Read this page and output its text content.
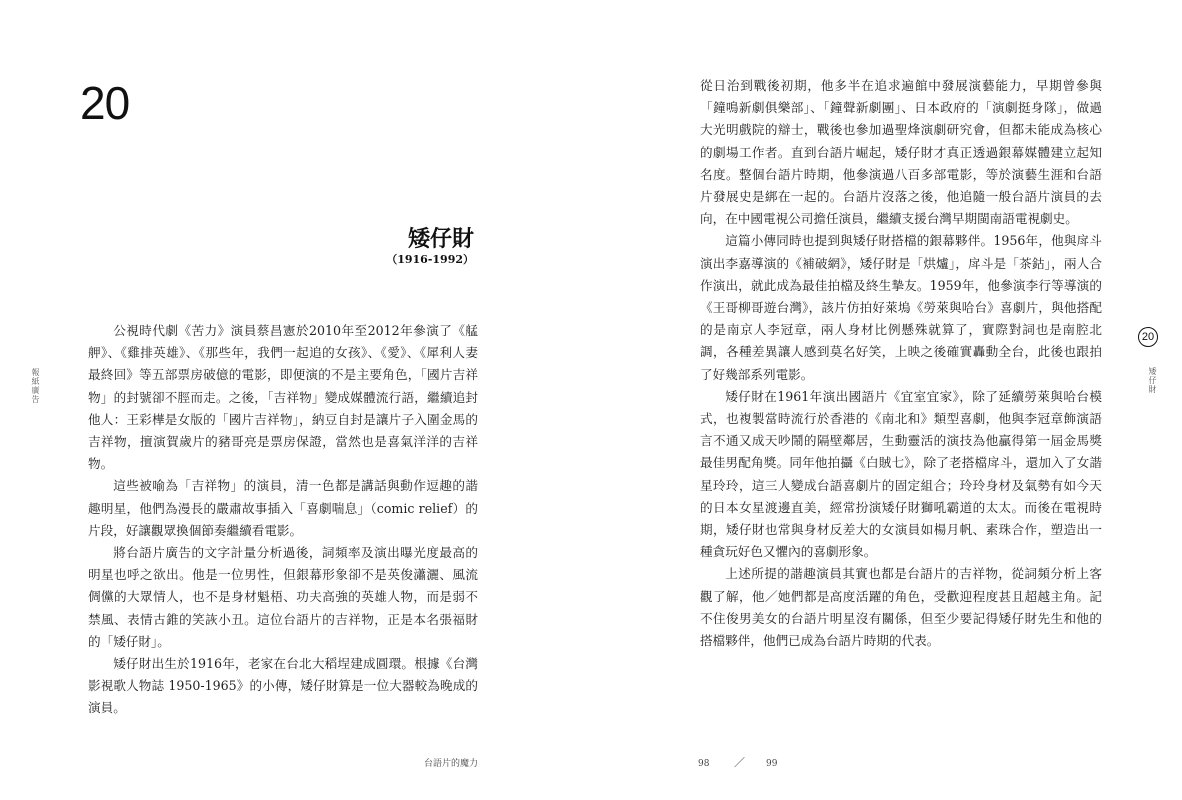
20
矮仔財
（1916-1992）
報紙廣告

公視時代劇《苦力》演員蔡昌憲於2010年至2012年參演了《艋舺》、《雞排英雄》、《那些年，我們一起追的女孩》、《愛》、《犀利人妻最終回》等五部票房破億的電影，即便演的不是主要角色，「國片吉祥物」的封號卻不脛而走。之後，「吉祥物」變成媒體流行語，繼續追封他人：王彩樺是女版的「國片吉祥物」，納豆自封是讓片子入圍金馬的吉祥物，擅演賀歲片的豬哥亮是票房保證，當然也是喜氣洋洋的吉祥物。

這些被喻為「吉祥物」的演員，清一色都是講話與動作逗趣的諧趣明星，他們為漫長的嚴肅故事插入「喜劇喘息」（comic relief）的片段，好讓觀眾換個節奏繼續看電影。

將台語片廣告的文字計量分析過後，詞頻率及演出曝光度最高的明星也呼之欲出。他是一位男性，但銀幕形象卻不是英俊瀟灑、風流倜儻的大眾情人，也不是身材魁梧、功夫高強的英雄人物，而是弱不禁風、表情古錐的笑詼小丑。這位台語片的吉祥物，正是本名張福財的「矮仔財」。

矮仔財出生於1916年，老家在台北大稻埕建成圓環。根據《台灣影視歌人物誌 1950-1965》的小傳，矮仔財算是一位大器較為晚成的演員。

從日治到戰後初期，他多半在追求遍館中發展演藝能力，早期曾參與「鐘鳴新劇俱樂部」、「鐘聲新劇團」、日本政府的「演劇挺身隊」，做過大光明戲院的辯士，戰後也參加過聖烽演劇研究會，但都未能成為核心的劇場工作者。直到台語片崛起，矮仔財才真正透過銀幕媒體建立起知名度。整個台語片時期，他參演過八百多部電影，等於演藝生涯和台語片發展史是綁在一起的。台語片沒落之後，他追隨一般台語片演員的去向，在中國電視公司擔任演員，繼續支援台灣早期閩南語電視劇史。

這篇小傳同時也提到與矮仔財搭檔的銀幕夥伴。1956年，他與戽斗演出李嘉導演的《補破網》，矮仔財是「烘爐」，戽斗是「茶鈷」，兩人合作演出，就此成為最佳拍檔及終生摯友。1959年，他參演李行等導演的《王哥柳哥遊台灣》，該片仿拍好萊塢《勞萊與哈台》喜劇片，與他搭配的是南京人李冠章，兩人身材比例懸殊就算了，實際對詞也是南腔北調，各種差異讓人感到莫名好笑，上映之後確實轟動全台，此後也跟拍了好幾部系列電影。

矮仔財在1961年演出國語片《宜室宜家》，除了延續勞萊與哈台模式，也複製當時流行於香港的《南北和》類型喜劇，他與李冠章飾演語言不通又成天吵鬧的隔壁鄰居，生動靈活的演技為他贏得第一屆金馬獎最佳男配角獎。同年他拍攝《白賊七》，除了老搭檔戽斗，還加入了女諧星玲玲，這三人變成台語喜劇片的固定組合；玲玲身材及氣勢有如今天的日本女星渡邊直美，經常扮演矮仔財獅吼霸道的太太。而後在電視時期，矮仔財也常與身材反差大的女演員如楊月帆、素珠合作，塑造出一種貪玩好色又懼內的喜劇形象。

上述所提的諧趣演員其實也都是台語片的吉祥物，從詞頻分析上客觀了解，他／她們都是高度活躍的角色，受歡迎程度甚且超越主角。記不住俊男美女的台語片明星沒有關係，但至少要記得矮仔財先生和他的搭檔夥伴，他們已成為台語片時期的代表。

20
矮仔財
台語片的魔力	98 ／ 99
